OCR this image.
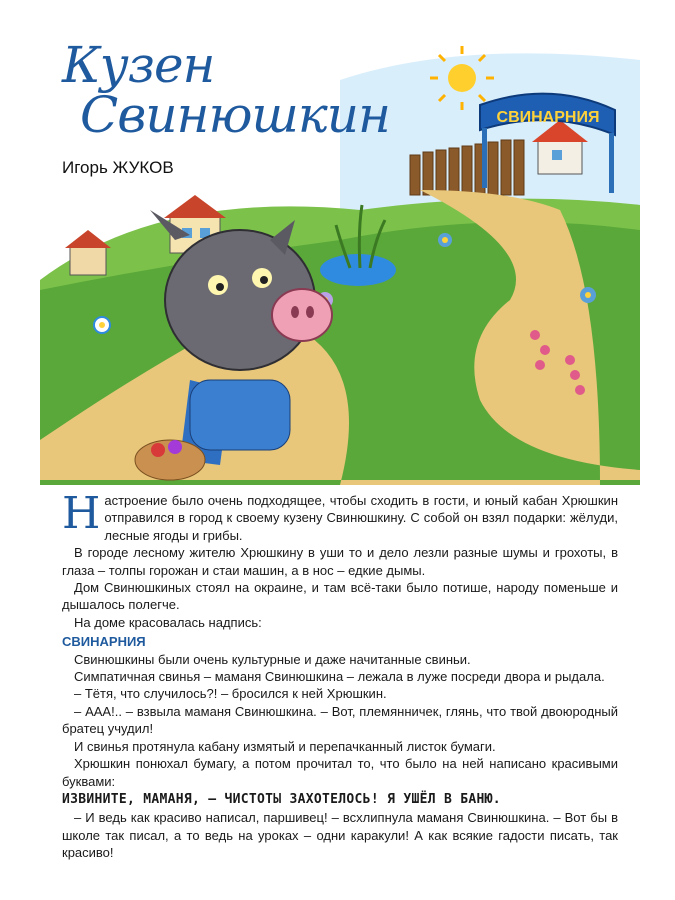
СВИНАРНИЯ
Кузен
Свинюшкин
Игорь ЖУКОВ

Настроение было очень подходящее, чтобы сходить в гости, и юный кабан Хрюшкин отправился в город к своему кузену Свинюшкину. С собой он взял подарки: жёлуди, лесные ягоды и грибы.

В городе лесному жителю Хрюшкину в уши то и дело лезли разные шумы и грохоты, в глаза – толпы горожан и стаи машин, а в нос – едкие дымы.

Дом Свинюшкиных стоял на окраине, и там всё-таки было потише, народу поменьше и дышалось полегче.

На доме красовалась надпись:

СВИНАРНИЯ

Свинюшкины были очень культурные и даже начитанные свиньи.

Симпатичная свинья – маманя Свинюшкина – лежала в луже посреди двора и рыдала.

– Тётя, что случилось?! – бросился к ней Хрюшкин.

– ААА!.. – взвыла маманя Свинюшкина. – Вот, племянничек, глянь, что твой двоюродный братец учудил!

И свинья протянула кабану измятый и перепачканный листок бумаги.

Хрюшкин понюхал бумагу, а потом прочитал то, что было на ней написано красивыми буквами:

ИЗВИНИТЕ, МАМАНЯ, — ЧИСТОТЫ ЗАХОТЕЛОСЬ! Я УШЁЛ В БАНЮ.

– И ведь как красиво написал, паршивец! – всхлипнула маманя Свинюшкина. – Вот бы в школе так писал, а то ведь на уроках – одни каракули! А как всякие гадости писать, так красиво!
